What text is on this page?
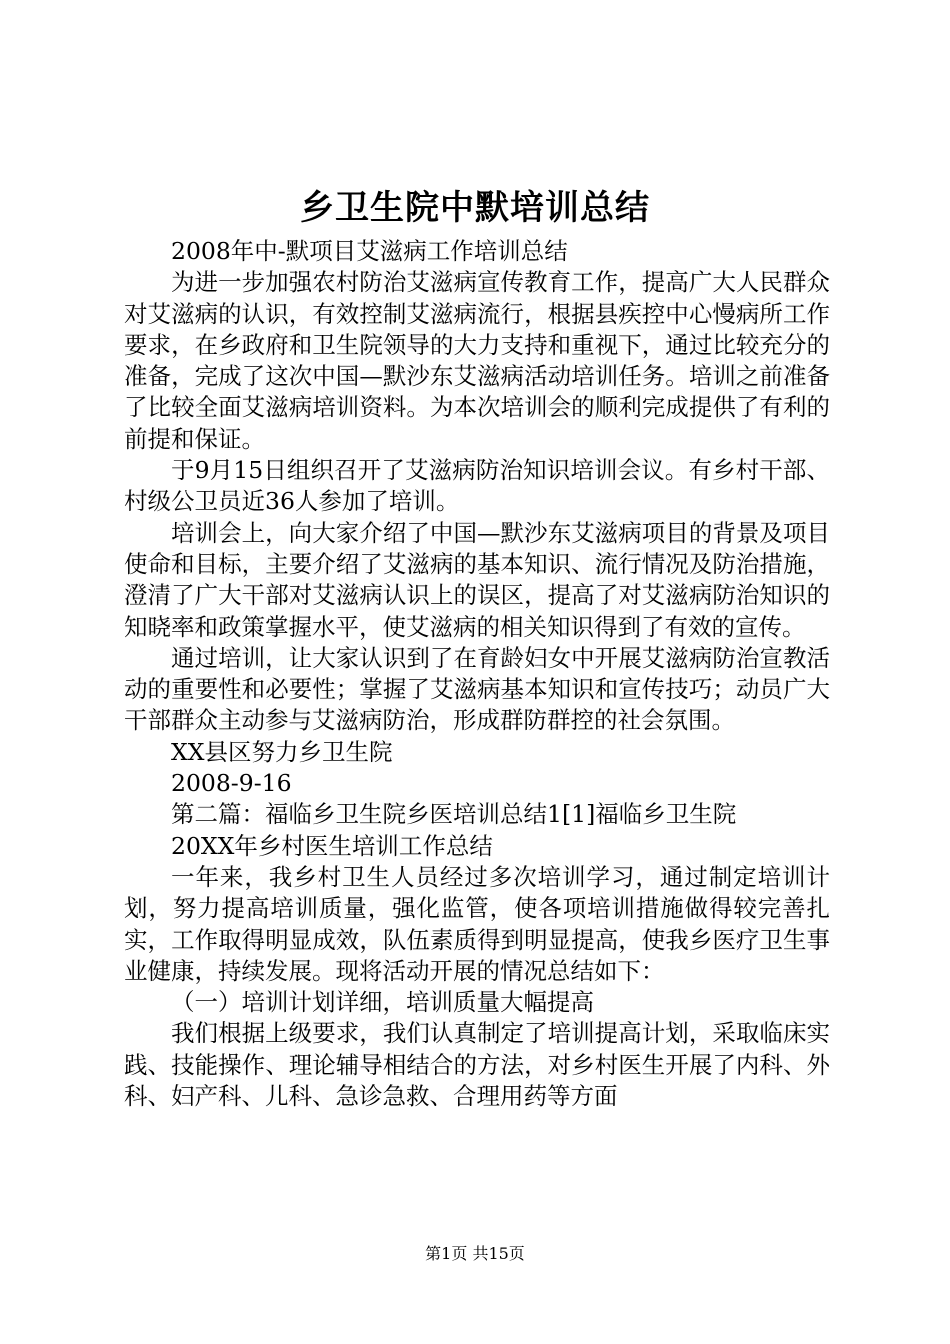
乡卫生院中默培训总结

2008年中-默项目艾滋病工作培训总结

为进一步加强农村防治艾滋病宣传教育工作，提高广大人民群众对艾滋病的认识，有效控制艾滋病流行，根据县疾控中心慢病所工作要求，在乡政府和卫生院领导的大力支持和重视下，通过比较充分的准备，完成了这次中国—默沙东艾滋病活动培训任务。培训之前准备了比较全面艾滋病培训资料。为本次培训会的顺利完成提供了有利的前提和保证。

于9月15日组织召开了艾滋病防治知识培训会议。有乡村干部、村级公卫员近36人参加了培训。

培训会上，向大家介绍了中国—默沙东艾滋病项目的背景及项目使命和目标，主要介绍了艾滋病的基本知识、流行情况及防治措施，澄清了广大干部对艾滋病认识上的误区，提高了对艾滋病防治知识的知晓率和政策掌握水平，使艾滋病的相关知识得到了有效的宣传。

通过培训，让大家认识到了在育龄妇女中开展艾滋病防治宣教活动的重要性和必要性；掌握了艾滋病基本知识和宣传技巧；动员广大干部群众主动参与艾滋病防治，形成群防群控的社会氛围。

XX县区努力乡卫生院

2008-9-16

第二篇：福临乡卫生院乡医培训总结1[1]福临乡卫生院

20XX年乡村医生培训工作总结

一年来，我乡村卫生人员经过多次培训学习，通过制定培训计划，努力提高培训质量，强化监管，使各项培训措施做得较完善扎实，工作取得明显成效，队伍素质得到明显提高，使我乡医疗卫生事业健康，持续发展。现将活动开展的情况总结如下：

（一）培训计划详细，培训质量大幅提高

我们根据上级要求，我们认真制定了培训提高计划，采取临床实践、技能操作、理论辅导相结合的方法，对乡村医生开展了内科、外科、妇产科、儿科、急诊急救、合理用药等方面

第1页 共15页
